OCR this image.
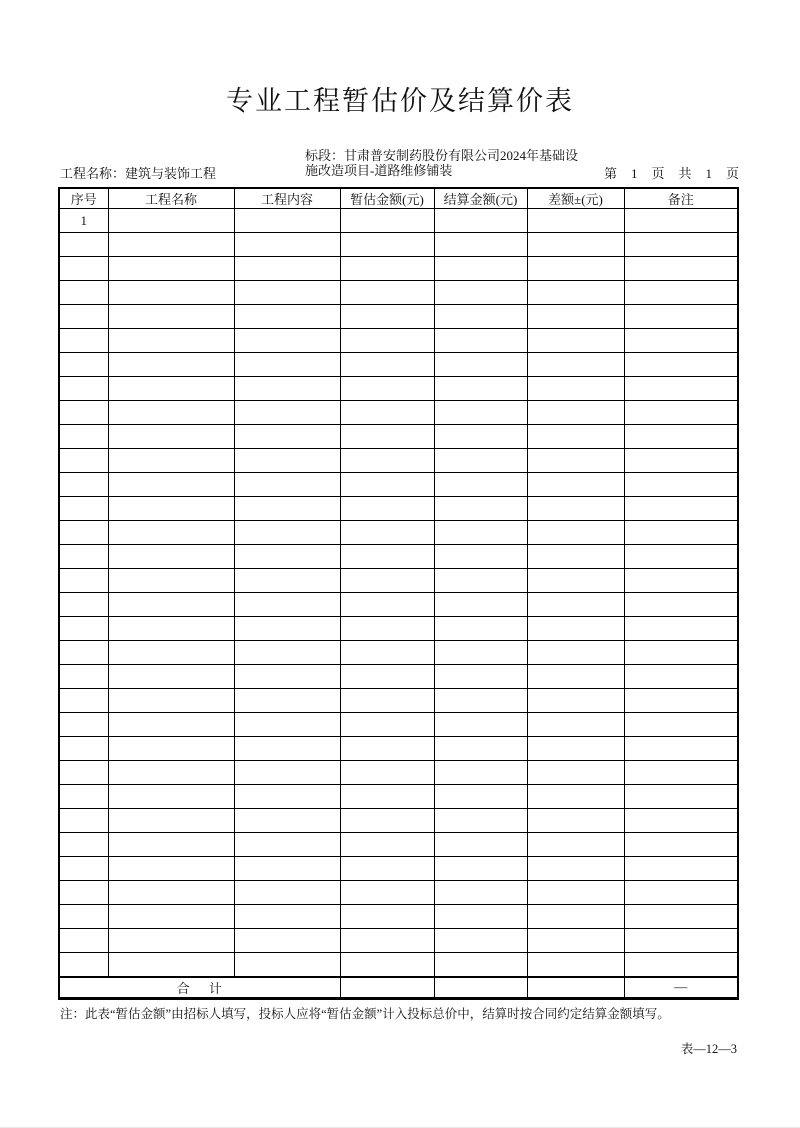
专业工程暂估价及结算价表
工程名称：建筑与装饰工程
标段：甘肃普安制药股份有限公司2024年基础设
施改造项目-道路维修铺装	第 1 页 共 1 页
序号	工程名称	工程内容	暂估金额(元)	结算金额(元)	差额±(元)	备注
1						

合　 计						—
注：此表“暂估金额”由招标人填写，投标人应将“暂估金额”计入投标总价中，结算时按合同约定结算金额填写。
表—12—3
